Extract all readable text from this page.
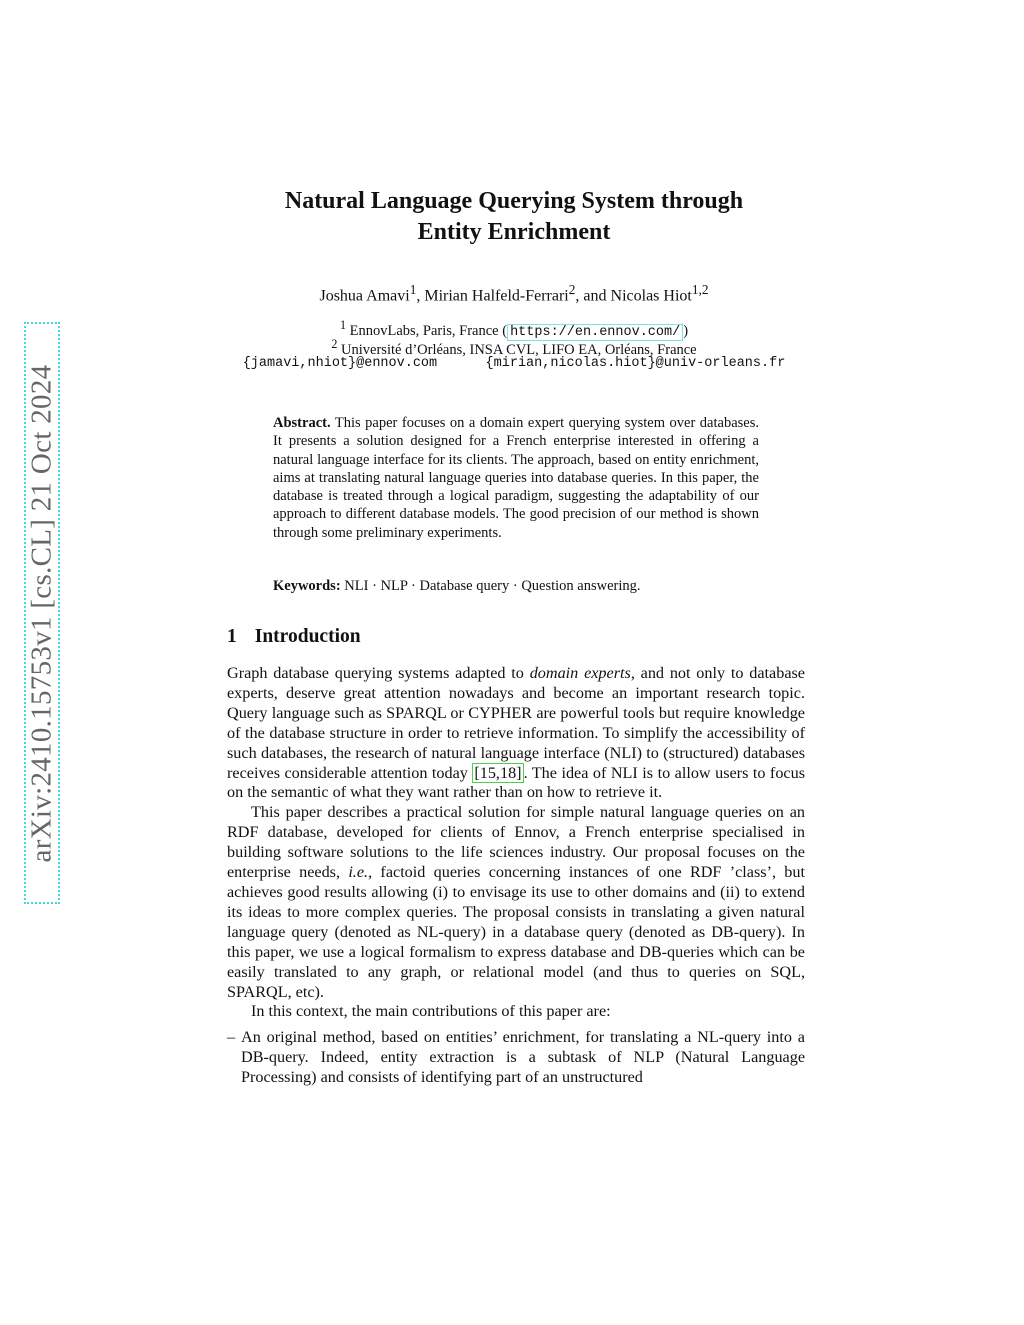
arXiv:2410.15753v1 [cs.CL] 21 Oct 2024
Natural Language Querying System through
Entity Enrichment
Joshua Amavi$^1$, Mirian Halfeld-Ferrari$^2$, and Nicolas Hiot$^{1,2}$
$^1$ EnnovLabs, Paris, France ( https://en.ennov.com/ )
$^2$ Université d’Orléans, INSA CVL, LIFO EA, Orléans, France
{jamavi,nhiot}@ennov.com	{mirian,nicolas.hiot}@univ-orleans.fr
Abstract. This paper focuses on a domain expert querying system over databases. It presents a solution designed for a French enterprise interested in offering a natural language interface for its clients. The approach, based on entity enrichment, aims at translating natural language queries into database queries. In this paper, the database is treated through a logical paradigm, suggesting the adaptability of our approach to different database models. The good precision of our method is shown through some preliminary experiments.
Keywords: NLI · NLP · Database query · Question answering.
1 Introduction

Graph database querying systems adapted to domain experts, and not only to database experts, deserve great attention nowadays and become an important research topic. Query language such as SPARQL or CYPHER are powerful tools but require knowledge of the database structure in order to retrieve information. To simplify the accessibility of such databases, the research of natural language interface (NLI) to (structured) databases receives considerable attention today [15,18] . The idea of NLI is to allow users to focus on the semantic of what they want rather than on how to retrieve it.

This paper describes a practical solution for simple natural language queries on an RDF database, developed for clients of Ennov, a French enterprise specialised in building software solutions to the life sciences industry. Our proposal focuses on the enterprise needs, i.e., factoid queries concerning instances of one RDF ’class’, but achieves good results allowing (i) to envisage its use to other domains and (ii) to extend its ideas to more complex queries. The proposal consists in translating a given natural language query (denoted as NL-query) in a database query (denoted as DB-query). In this paper, we use a logical formalism to express database and DB-queries which can be easily translated to any graph, or relational model (and thus to queries on SQL, SPARQL, etc).

In this context, the main contributions of this paper are:

– An original method, based on entities’ enrichment, for translating a NL-query into a DB-query. Indeed, entity extraction is a subtask of NLP (Natural Language Processing) and consists of identifying part of an unstructured
